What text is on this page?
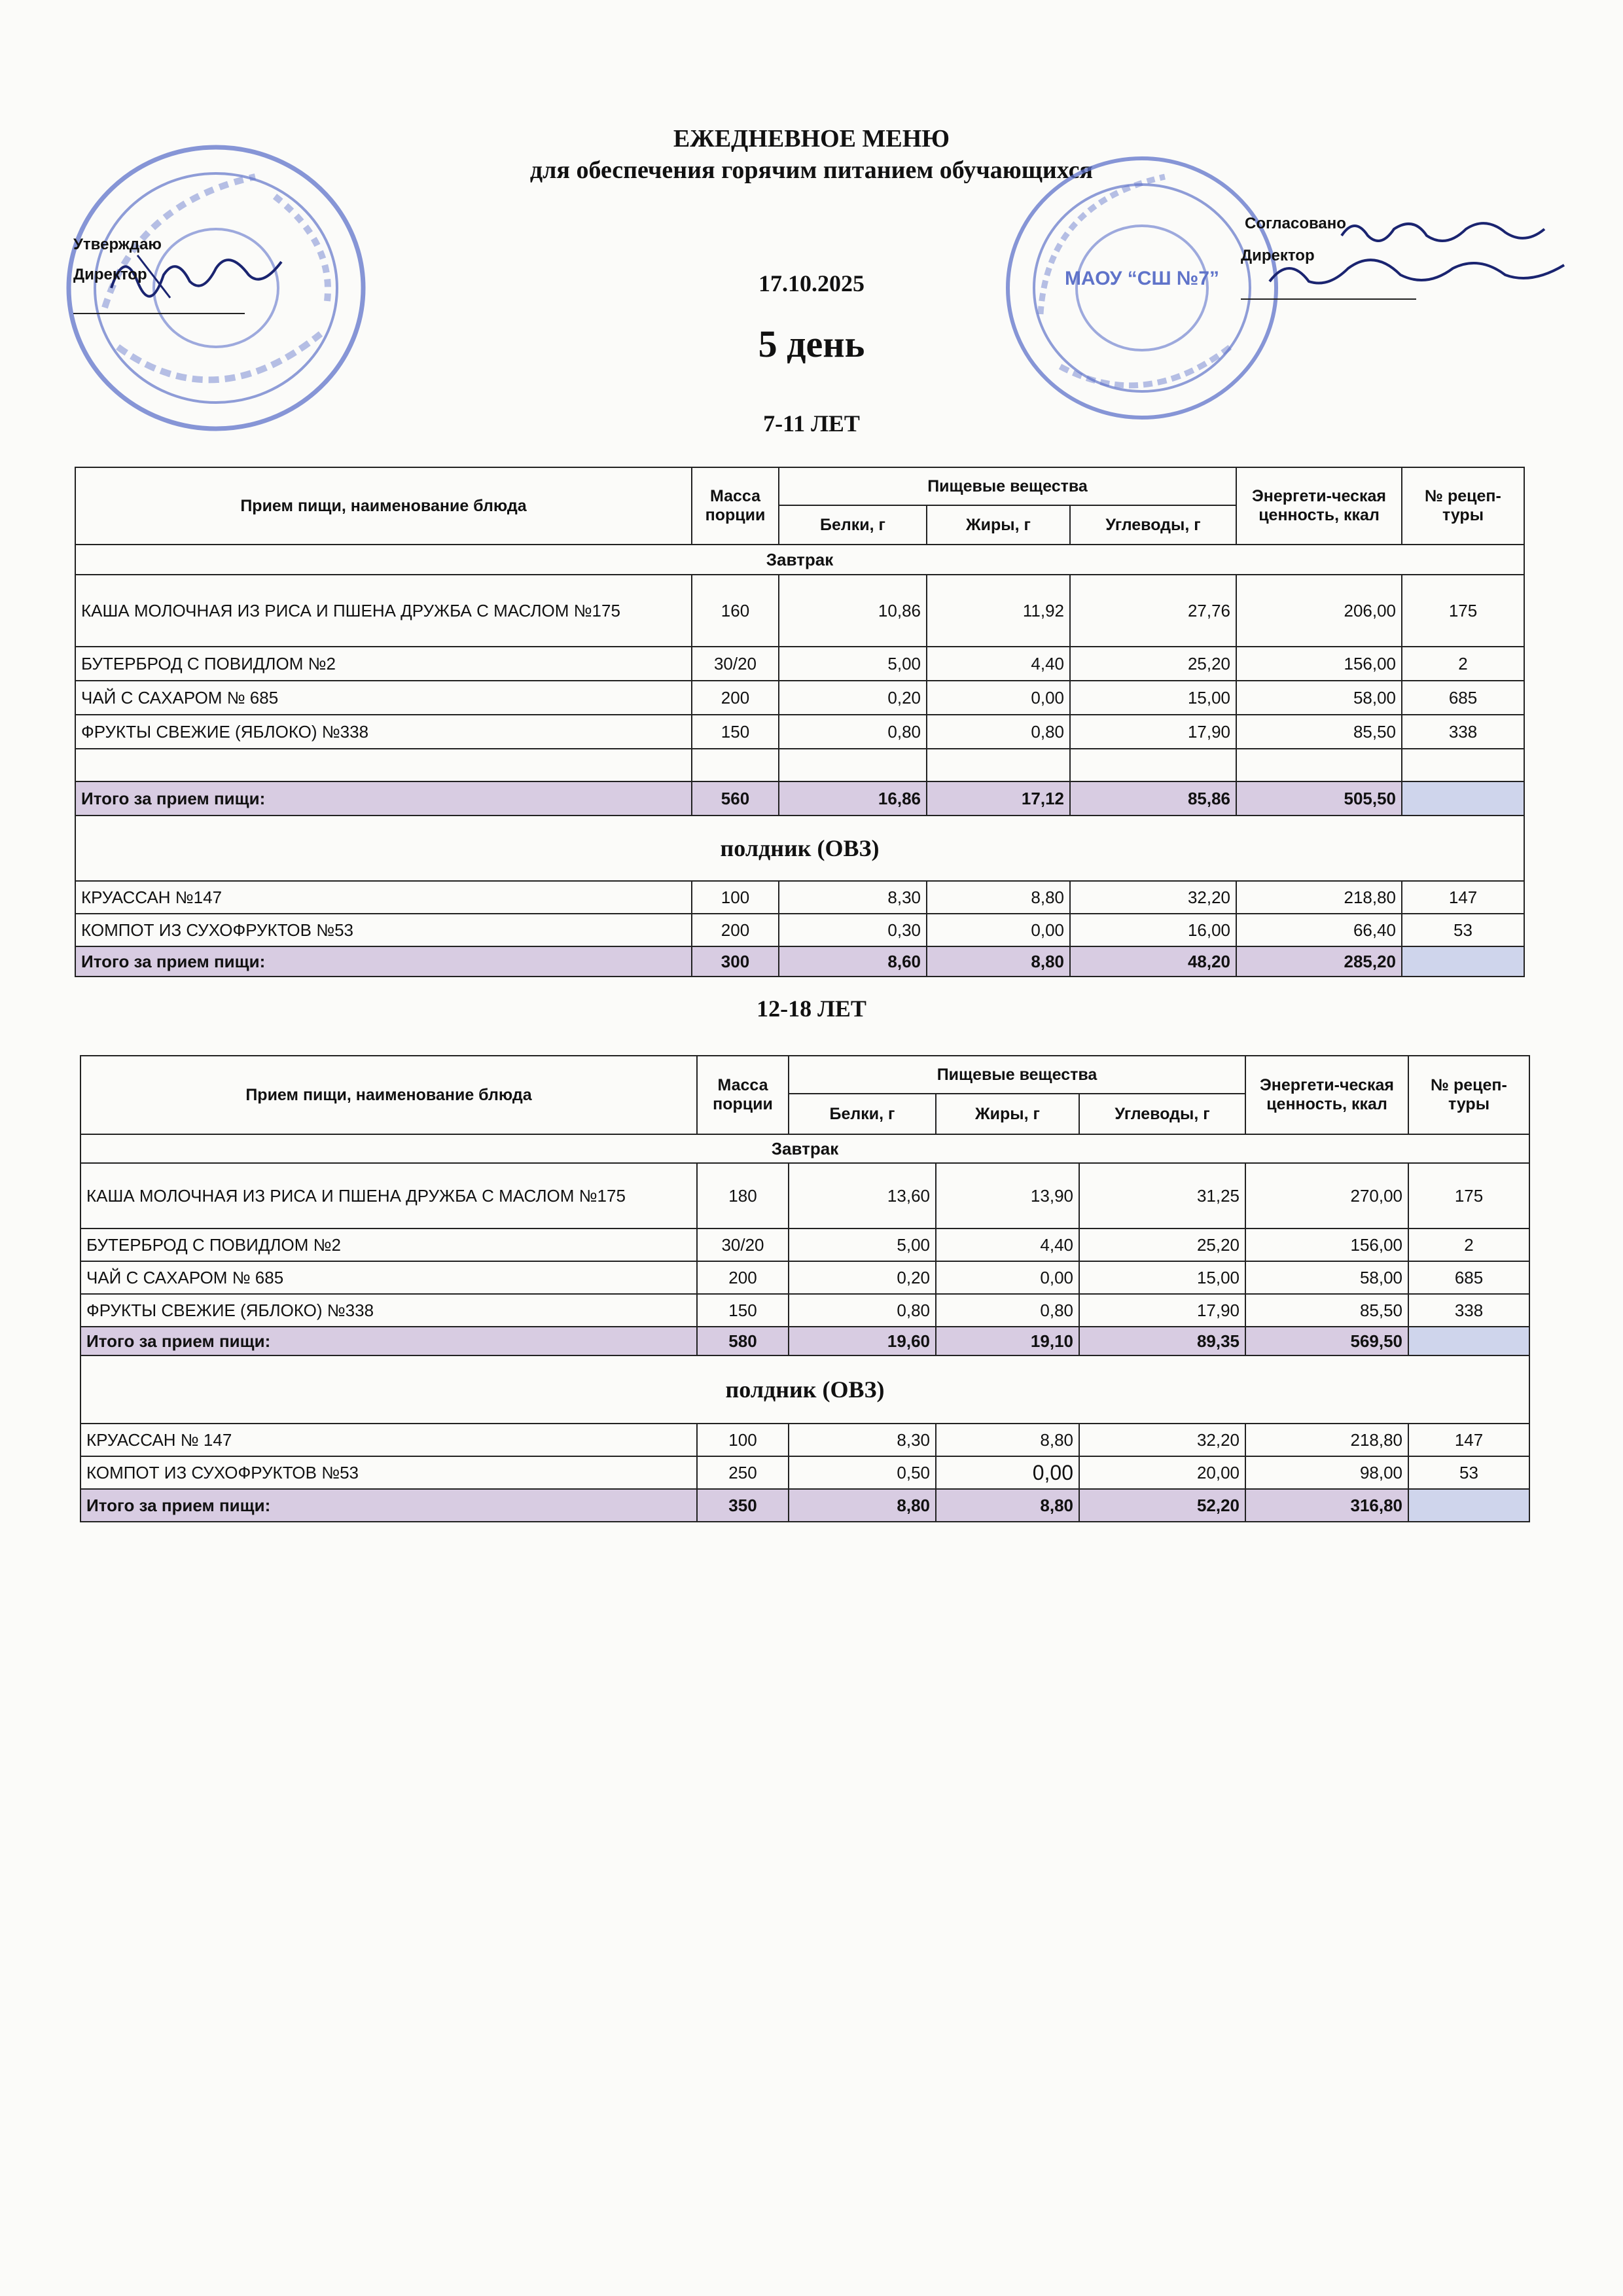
ЕЖЕДНЕВНОЕ МЕНЮ
для обеспечения горячим питанием обучающихся
17.10.2025
5 день
Утверждаю
Директор	МАОУ “СШ №7”
Согласовано
Директор
7-11 ЛЕТ
Прием пищи, наименование блюда	Масса порции	Пищевые вещества			Энергети-ческая ценность, ккал	№ рецеп-туры
		Белки, г	Жиры, г	Углеводы, г		
Завтрак						
КАША МОЛОЧНАЯ ИЗ РИСА И ПШЕНА ДРУЖБА С МАСЛОМ №175	160	10,86	11,92	27,76	206,00	175
БУТЕРБРОД С ПОВИДЛОМ №2	30/20	5,00	4,40	25,20	156,00	2
ЧАЙ С САХАРОМ № 685	200	0,20	0,00	15,00	58,00	685
ФРУКТЫ СВЕЖИЕ (ЯБЛОКО) №338	150	0,80	0,80	17,90	85,50	338

Итого за прием пищи:	560	16,86	17,12	85,86	505,50	
полдник (ОВЗ)						
КРУАССАН №147	100	8,30	8,80	32,20	218,80	147
КОМПОТ ИЗ СУХОФРУКТОВ №53	200	0,30	0,00	16,00	66,40	53
Итого за прием пищи:	300	8,60	8,80	48,20	285,20	
12-18 ЛЕТ
Прием пищи, наименование блюда	Масса порции	Пищевые вещества			Энергети-ческая ценность, ккал	№ рецеп-туры
		Белки, г	Жиры, г	Углеводы, г		
Завтрак						
КАША МОЛОЧНАЯ ИЗ РИСА И ПШЕНА ДРУЖБА С МАСЛОМ №175	180	13,60	13,90	31,25	270,00	175
БУТЕРБРОД С ПОВИДЛОМ №2	30/20	5,00	4,40	25,20	156,00	2
ЧАЙ С САХАРОМ № 685	200	0,20	0,00	15,00	58,00	685
ФРУКТЫ СВЕЖИЕ (ЯБЛОКО) №338	150	0,80	0,80	17,90	85,50	338
Итого за прием пищи:	580	19,60	19,10	89,35	569,50	
полдник (ОВЗ)						
КРУАССАН № 147	100	8,30	8,80	32,20	218,80	147
КОМПОТ ИЗ СУХОФРУКТОВ №53	250	0,50	0,00	20,00	98,00	53
Итого за прием пищи:	350	8,80	8,80	52,20	316,80	
